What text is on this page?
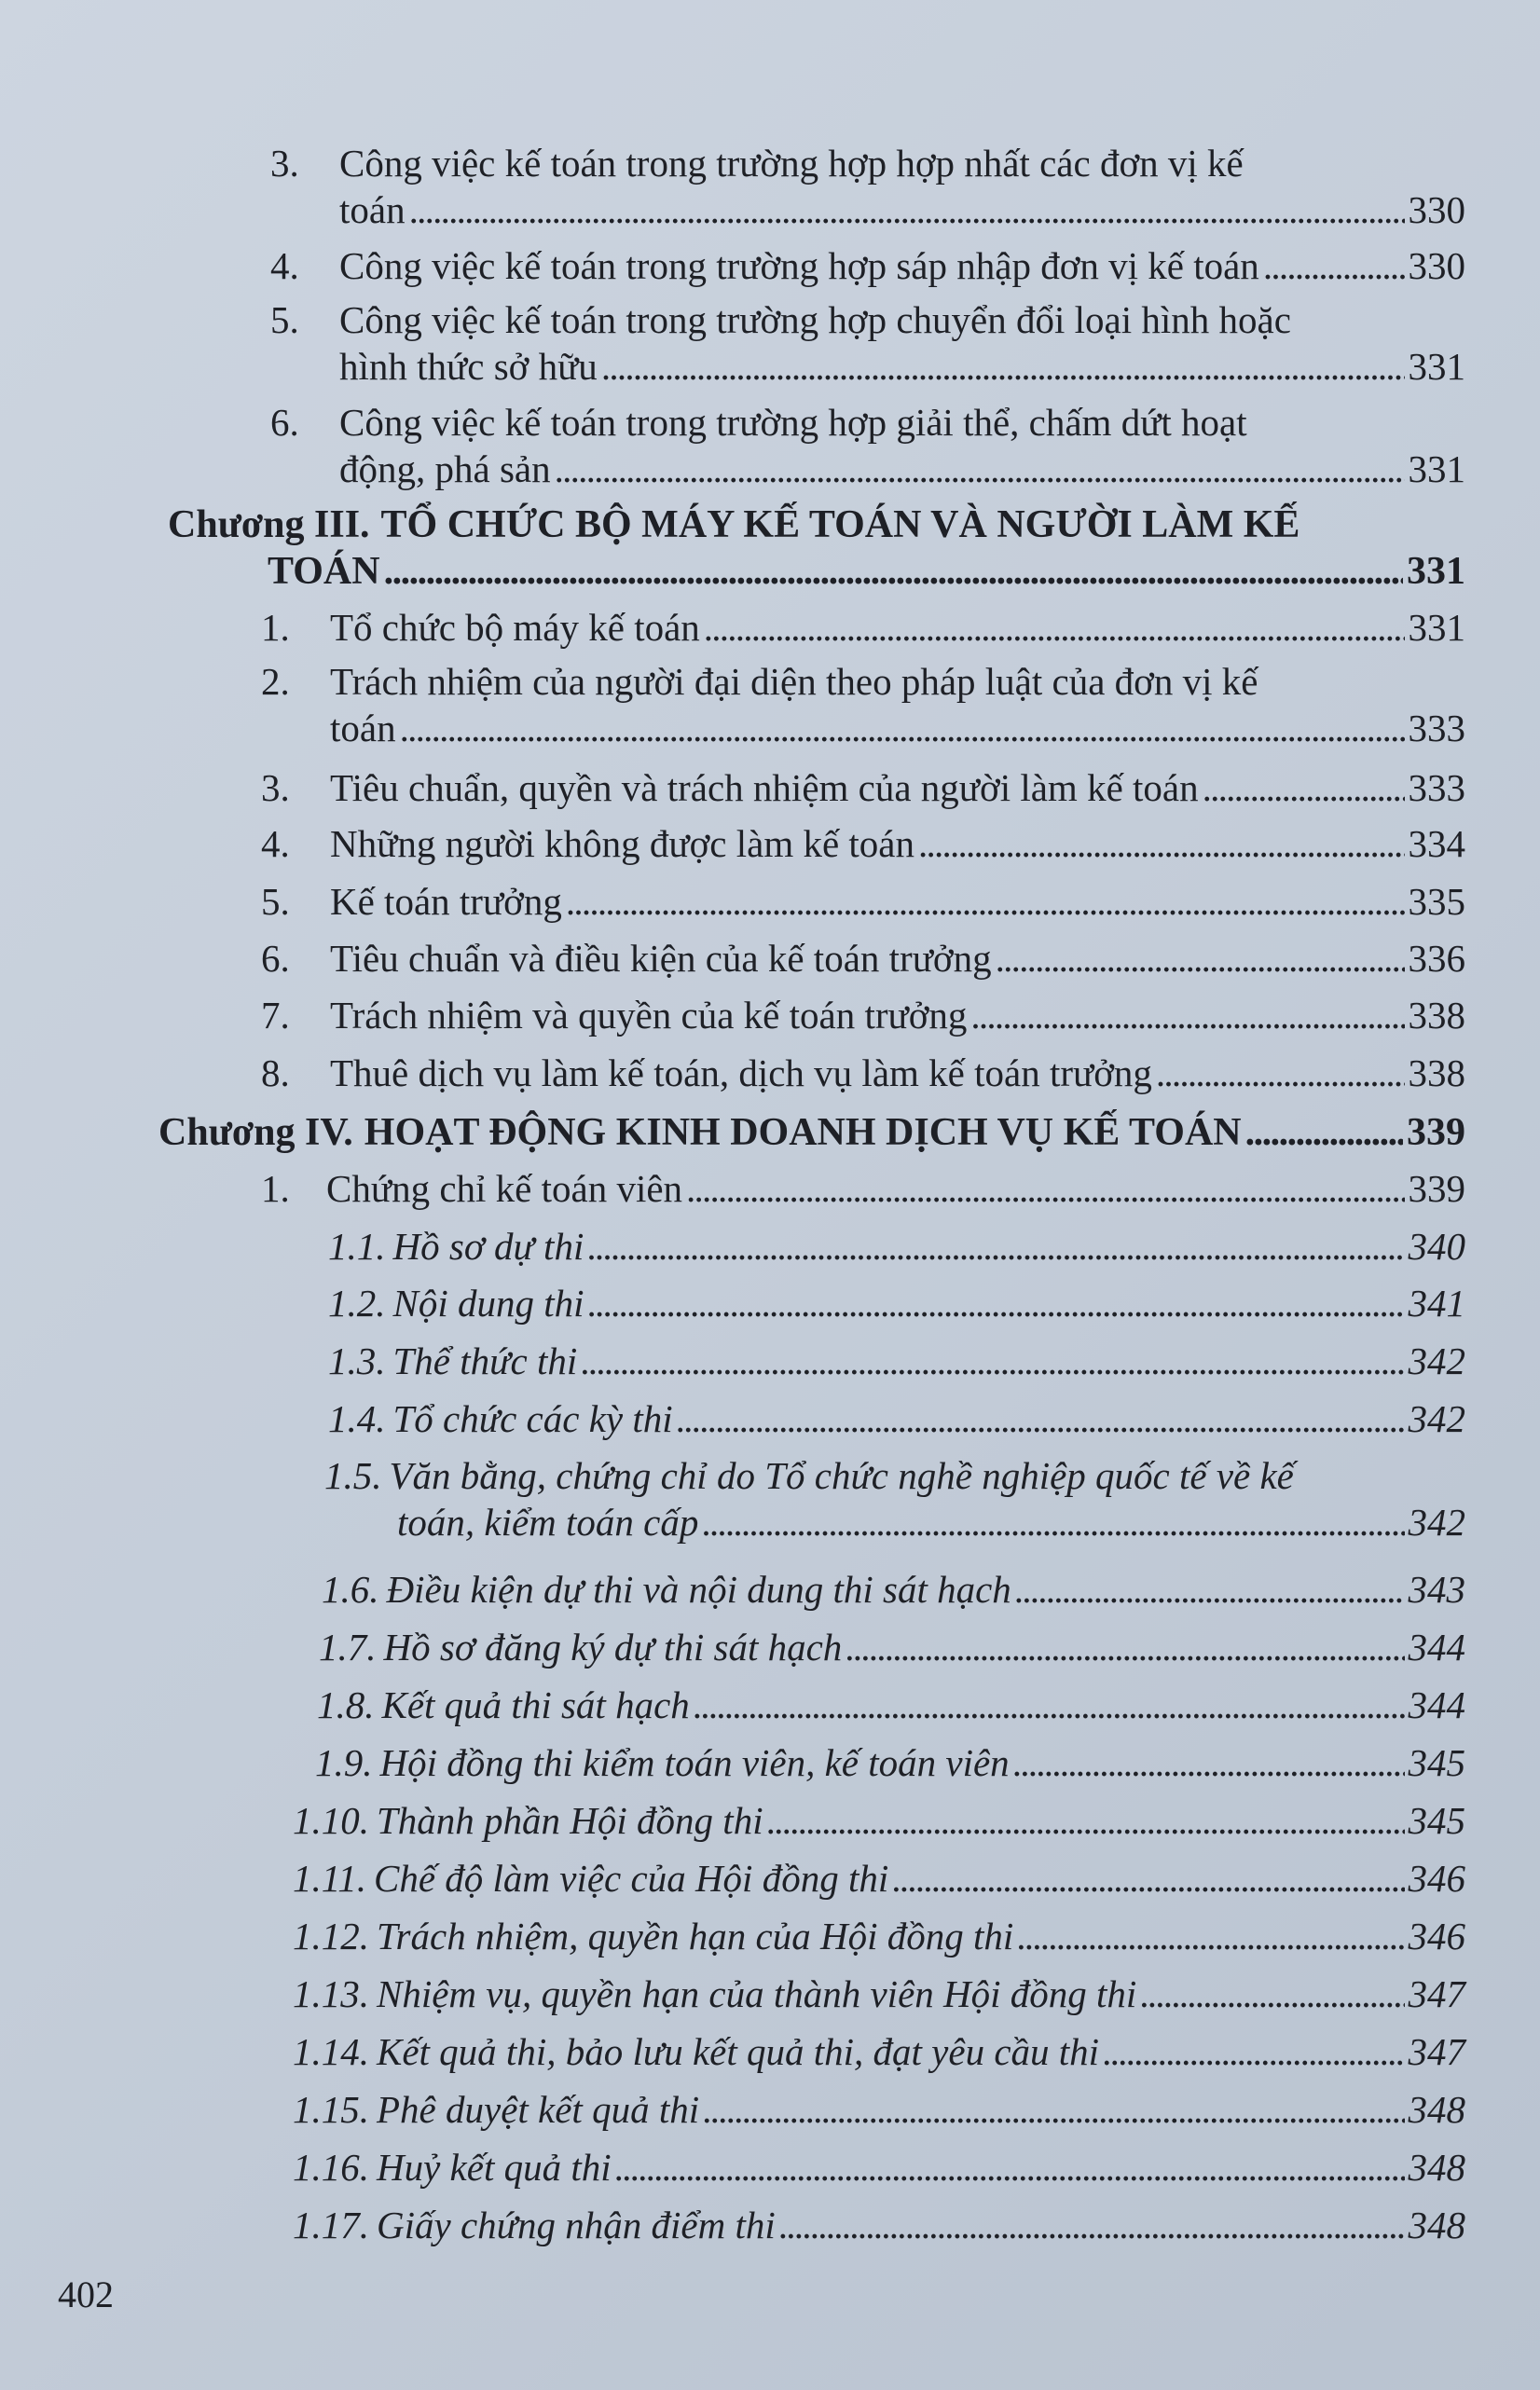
3.	Công việc kế toán trong trường hợp hợp nhất các đơn vị kế
toán . . .	330
4.	Công việc kế toán trong trường hợp sáp nhập đơn vị kế toán . . .	330
5.	Công việc kế toán trong trường hợp chuyển đổi loại hình hoặc
hình thức sở hữu . . .	331
6.	Công việc kế toán trong trường hợp giải thể, chấm dứt hoạt
động, phá sản . . .	331
Chương III. TỔ CHỨC BỘ MÁY KẾ TOÁN VÀ NGƯỜI LÀM KẾ
TOÁN . . .	331
1.	Tổ chức bộ máy kế toán . . .	331
2.	Trách nhiệm của người đại diện theo pháp luật của đơn vị kế
toán . . .	333
3.	Tiêu chuẩn, quyền và trách nhiệm của người làm kế toán . . .	333
4.	Những người không được làm kế toán . . .	334
5.	Kế toán trưởng . . .	335
6.	Tiêu chuẩn và điều kiện của kế toán trưởng . . .	336
7.	Trách nhiệm và quyền của kế toán trưởng . . .	338
8.	Thuê dịch vụ làm kế toán, dịch vụ làm kế toán trưởng . . .	338
Chương IV. HOẠT ĐỘNG KINH DOANH DỊCH VỤ KẾ TOÁN . . .	339
1. Chứng chỉ kế toán viên . . .	339
1.1. Hồ sơ dự thi . . .	340
1.2. Nội dung thi . . .	341
1.3. Thể thức thi . . .	342
1.4. Tổ chức các kỳ thi . . .	342
1.5. Văn bằng, chứng chỉ do Tổ chức nghề nghiệp quốc tế về kế
toán, kiểm toán cấp . . .	342
1.6. Điều kiện dự thi và nội dung thi sát hạch . . .	343
1.7. Hồ sơ đăng ký dự thi sát hạch . . .	344
1.8. Kết quả thi sát hạch . . .	344
1.9. Hội đồng thi kiểm toán viên, kế toán viên . . .	345
1.10. Thành phần Hội đồng thi . . .	345
1.11. Chế độ làm việc của Hội đồng thi . . .	346
1.12. Trách nhiệm, quyền hạn của Hội đồng thi . . .	346
1.13. Nhiệm vụ, quyền hạn của thành viên Hội đồng thi . . .	347
1.14. Kết quả thi, bảo lưu kết quả thi, đạt yêu cầu thi . . .	347
1.15. Phê duyệt kết quả thi . . .	348
1.16. Huỷ kết quả thi . . .	348
1.17. Giấy chứng nhận điểm thi . . .	348
402
